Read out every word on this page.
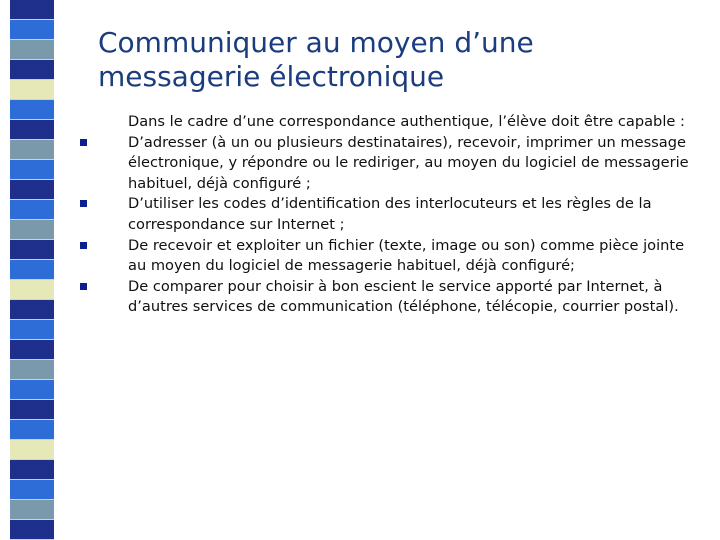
Communiquer au moyen d’une
messagerie électronique

Dans le cadre d’une correspondance authentique, l’élève doit être capable :

D’adresser (à un ou plusieurs destinataires), recevoir, imprimer un message électronique, y répondre ou le rediriger, au moyen du logiciel de messagerie habituel, déjà configuré ;

D’utiliser les codes d’identification des interlocuteurs et les règles de la correspondance sur Internet ;

De recevoir et exploiter un fichier (texte, image ou son) comme pièce jointe au moyen du logiciel de messagerie habituel, déjà configuré;

De comparer pour choisir à bon escient le service apporté par Internet, à d’autres services de communication (téléphone, télécopie, courrier postal).
